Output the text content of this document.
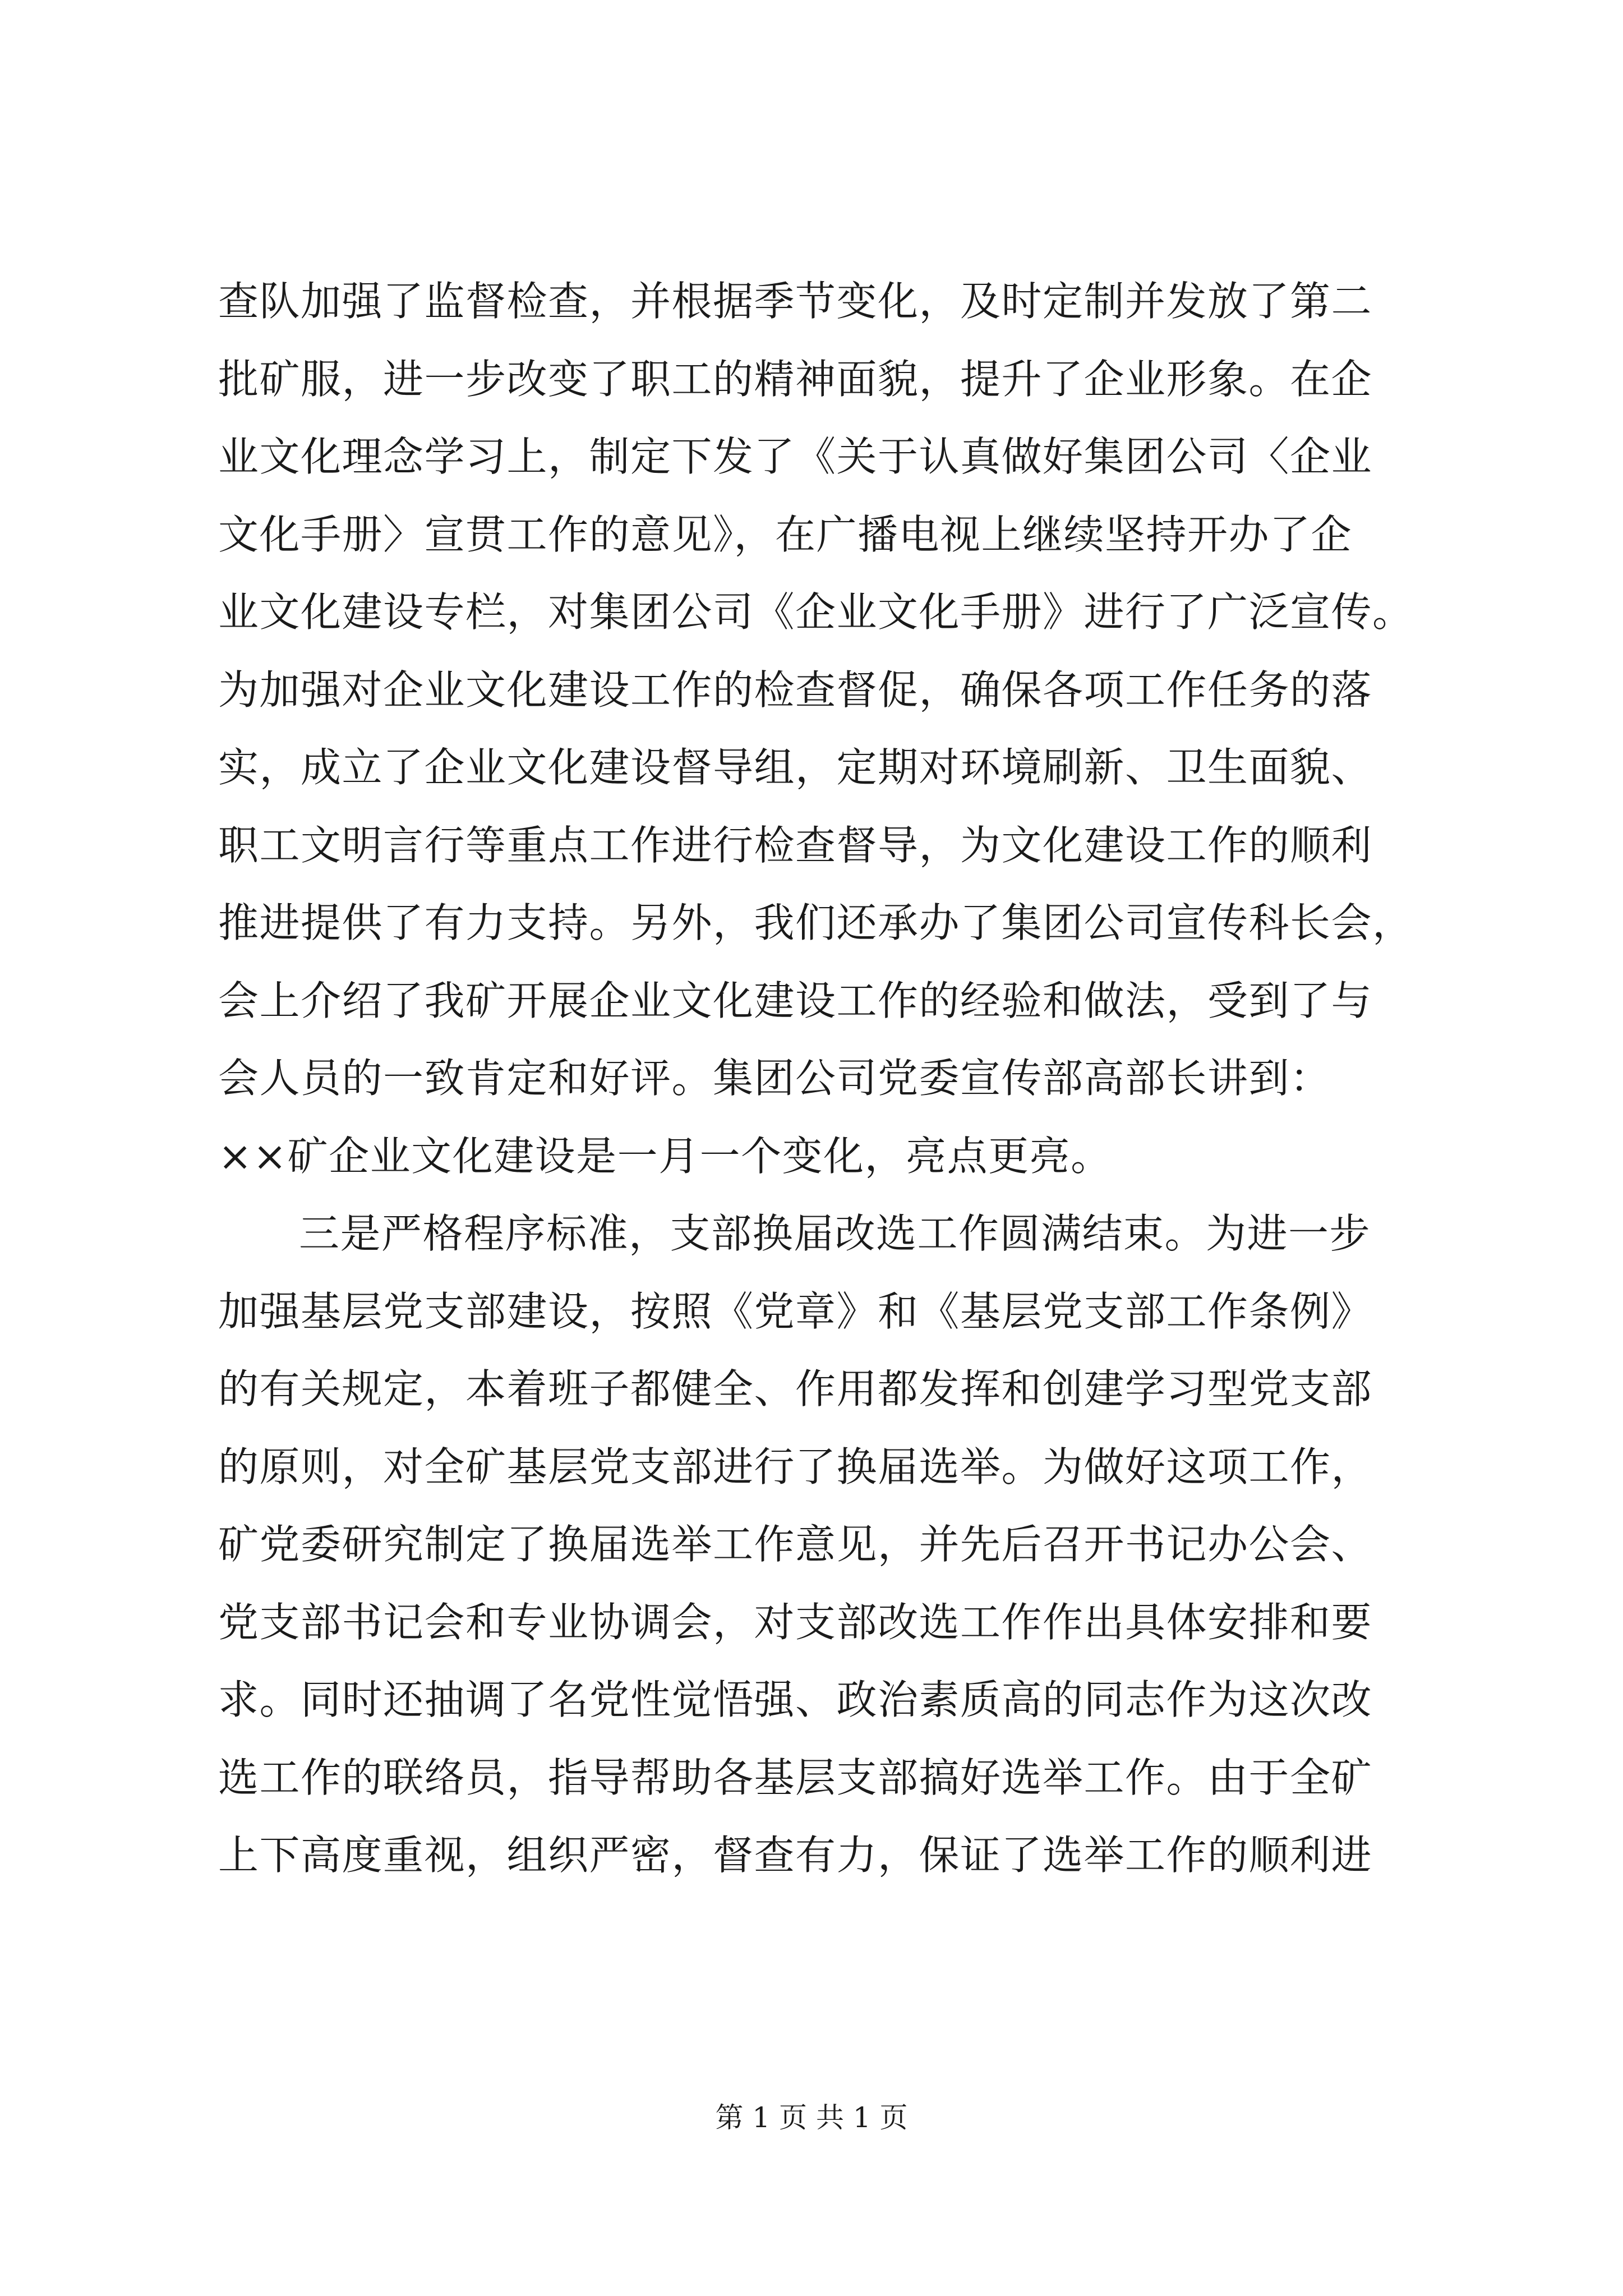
查队加强了监督检查，并根据季节变化，及时定制并发放了第二
批矿服，进一步改变了职工的精神面貌，提升了企业形象。在企
业文化理念学习上，制定下发了《关于认真做好集团公司〈企业
文化手册〉宣贯工作的意见》，在广播电视上继续坚持开办了企
业文化建设专栏，对集团公司《企业文化手册》进行了广泛宣传。
为加强对企业文化建设工作的检查督促，确保各项工作任务的落
实，成立了企业文化建设督导组，定期对环境刷新、卫生面貌、
职工文明言行等重点工作进行检查督导，为文化建设工作的顺利
推进提供了有力支持。另外，我们还承办了集团公司宣传科长会，
会上介绍了我矿开展企业文化建设工作的经验和做法，受到了与
会人员的一致肯定和好评。集团公司党委宣传部高部长讲到：
××矿企业文化建设是一月一个变化，亮点更亮。
三是严格程序标准，支部换届改选工作圆满结束。为进一步
加强基层党支部建设，按照《党章》和《基层党支部工作条例》
的有关规定，本着班子都健全、作用都发挥和创建学习型党支部
的原则，对全矿基层党支部进行了换届选举。为做好这项工作，
矿党委研究制定了换届选举工作意见，并先后召开书记办公会、
党支部书记会和专业协调会，对支部改选工作作出具体安排和要
求。同时还抽调了名党性觉悟强、政治素质高的同志作为这次改
选工作的联络员，指导帮助各基层支部搞好选举工作。由于全矿
上下高度重视，组织严密，督查有力，保证了选举工作的顺利进
第 1 页 共 1 页
